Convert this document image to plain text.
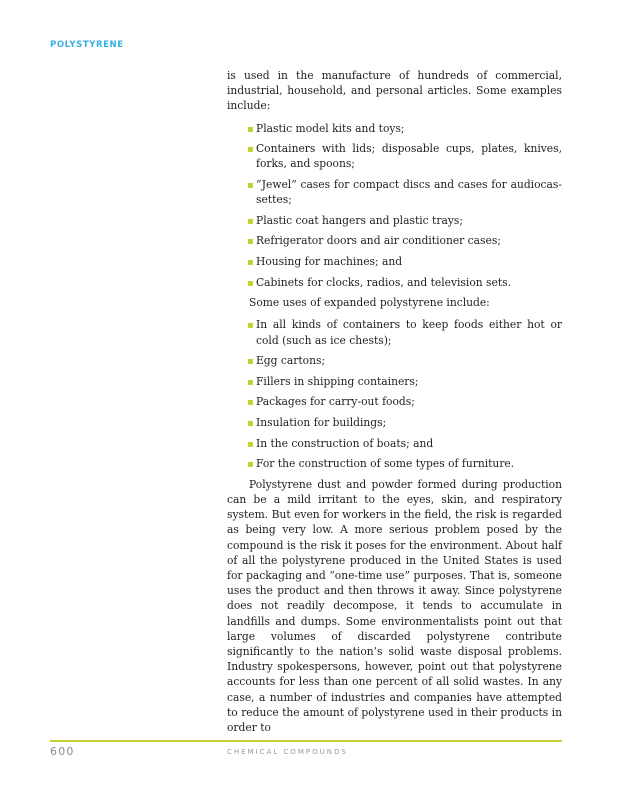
POLYSTYRENE

is used in the manufacture of hundreds of commercial, industrial, household, and personal articles. Some examples include:

▪ Plastic model kits and toys;
▪ Containers with lids; disposable cups, plates, knives, forks, and spoons;
▪ “Jewel” cases for compact discs and cases for audiocassettes;
▪ Plastic coat hangers and plastic trays;
▪ Refrigerator doors and air conditioner cases;
▪ Housing for machines; and
▪ Cabinets for clocks, radios, and television sets.

Some uses of expanded polystyrene include:

▪ In all kinds of containers to keep foods either hot or cold (such as ice chests);
▪ Egg cartons;
▪ Fillers in shipping containers;
▪ Packages for carry-out foods;
▪ Insulation for buildings;
▪ In the construction of boats; and
▪ For the construction of some types of furniture.

Polystyrene dust and powder formed during production can be a mild irritant to the eyes, skin, and respiratory system. But even for workers in the field, the risk is regarded as being very low. A more serious problem posed by the compound is the risk it poses for the environment. About half of all the polystyrene produced in the United States is used for packaging and “one-time use” purposes. That is, someone uses the product and then throws it away. Since polystyrene does not readily decompose, it tends to accumulate in landfills and dumps. Some environmentalists point out that large volumes of discarded polystyrene contribute significantly to the nation’s solid waste disposal problems. Industry spokespersons, however, point out that polystyrene accounts for less than one percent of all solid wastes. In any case, a number of industries and companies have attempted to reduce the amount of polystyrene used in their products in order to

600	CHEMICAL COMPOUNDS
